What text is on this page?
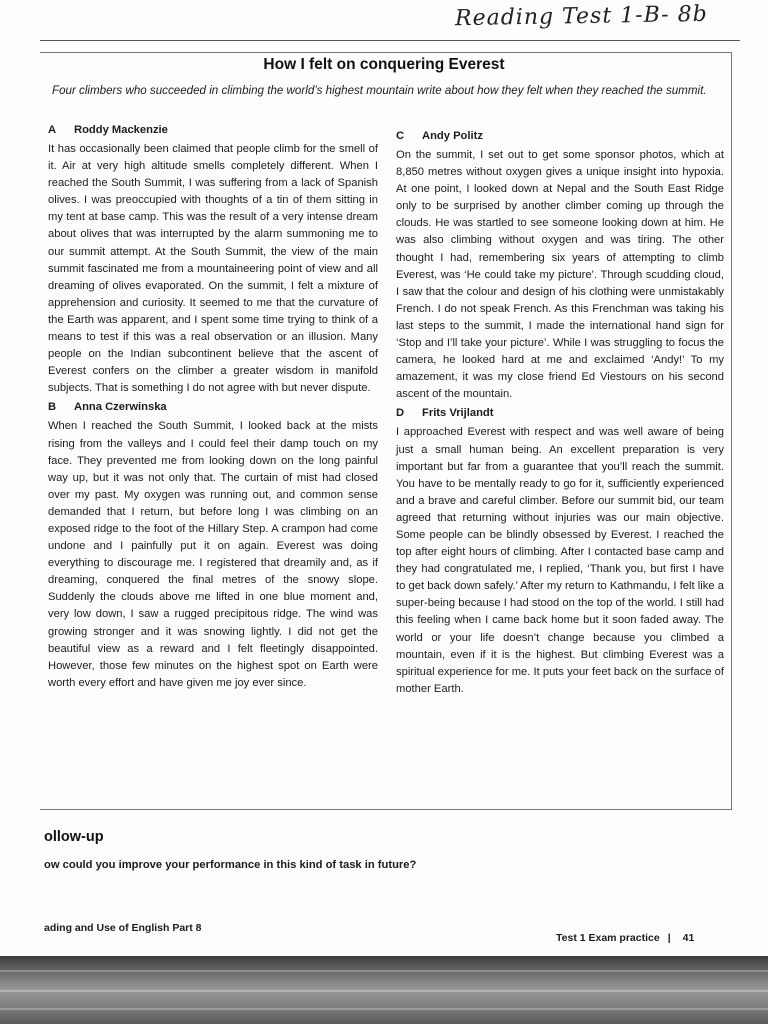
Reading Test 1-B- 8b
How I felt on conquering Everest
Four climbers who succeeded in climbing the world’s highest mountain write about how they felt when they reached the summit.
A Roddy Mackenzie

It has occasionally been claimed that people climb for the smell of it. Air at very high altitude smells completely different. When I reached the South Summit, I was suffering from a lack of Spanish olives. I was preoccupied with thoughts of a tin of them sitting in my tent at base camp. This was the result of a very intense dream about olives that was interrupted by the alarm summoning me to our summit attempt. At the South Summit, the view of the main summit fascinated me from a mountaineering point of view and all dreaming of olives evaporated. On the summit, I felt a mixture of apprehension and curiosity. It seemed to me that the curvature of the Earth was apparent, and I spent some time trying to think of a means to test if this was a real observation or an illusion. Many people on the Indian subcontinent believe that the ascent of Everest confers on the climber a greater wisdom in manifold subjects. That is something I do not agree with but never dispute.

B Anna Czerwinska

When I reached the South Summit, I looked back at the mists rising from the valleys and I could feel their damp touch on my face. They prevented me from looking down on the long painful way up, but it was not only that. The curtain of mist had closed over my past. My oxygen was running out, and common sense demanded that I return, but before long I was climbing on an exposed ridge to the foot of the Hillary Step. A crampon had come undone and I painfully put it on again. Everest was doing everything to discourage me. I registered that dreamily and, as if dreaming, conquered the final metres of the snowy slope. Suddenly the clouds above me lifted in one blue moment and, very low down, I saw a rugged precipitous ridge. The wind was growing stronger and it was snowing lightly. I did not get the beautiful view as a reward and I felt fleetingly disappointed. However, those few minutes on the highest spot on Earth were worth every effort and have given me joy ever since.

C Andy Politz

On the summit, I set out to get some sponsor photos, which at 8,850 metres without oxygen gives a unique insight into hypoxia. At one point, I looked down at Nepal and the South East Ridge only to be surprised by another climber coming up through the clouds. He was startled to see someone looking down at him. He was also climbing without oxygen and was tiring. The other thought I had, remembering six years of attempting to climb Everest, was ‘He could take my picture’. Through scudding cloud, I saw that the colour and design of his clothing were unmistakably French. I do not speak French. As this Frenchman was taking his last steps to the summit, I made the international hand sign for ‘Stop and I’ll take your picture’. While I was struggling to focus the camera, he looked hard at me and exclaimed ‘Andy!’ To my amazement, it was my close friend Ed Viestours on his second ascent of the mountain.

D Frits Vrijlandt

I approached Everest with respect and was well aware of being just a small human being. An excellent preparation is very important but far from a guarantee that you’ll reach the summit. You have to be mentally ready to go for it, sufficiently experienced and a brave and careful climber. Before our summit bid, our team agreed that returning without injuries was our main objective. Some people can be blindly obsessed by Everest. I reached the top after eight hours of climbing. After I contacted base camp and they had congratulated me, I replied, ‘Thank you, but first I have to get back down safely.’ After my return to Kathmandu, I felt like a super-being because I had stood on the top of the world. I still had this feeling when I came back home but it soon faded away. The world or your life doesn’t change because you climbed a mountain, even if it is the highest. But climbing Everest was a spiritual experience for me. It puts your feet back on the surface of mother Earth.

ollow-up
ow could you improve your performance in this kind of task in future?
ading and Use of English Part 8
Test 1 Exam practice | 41
